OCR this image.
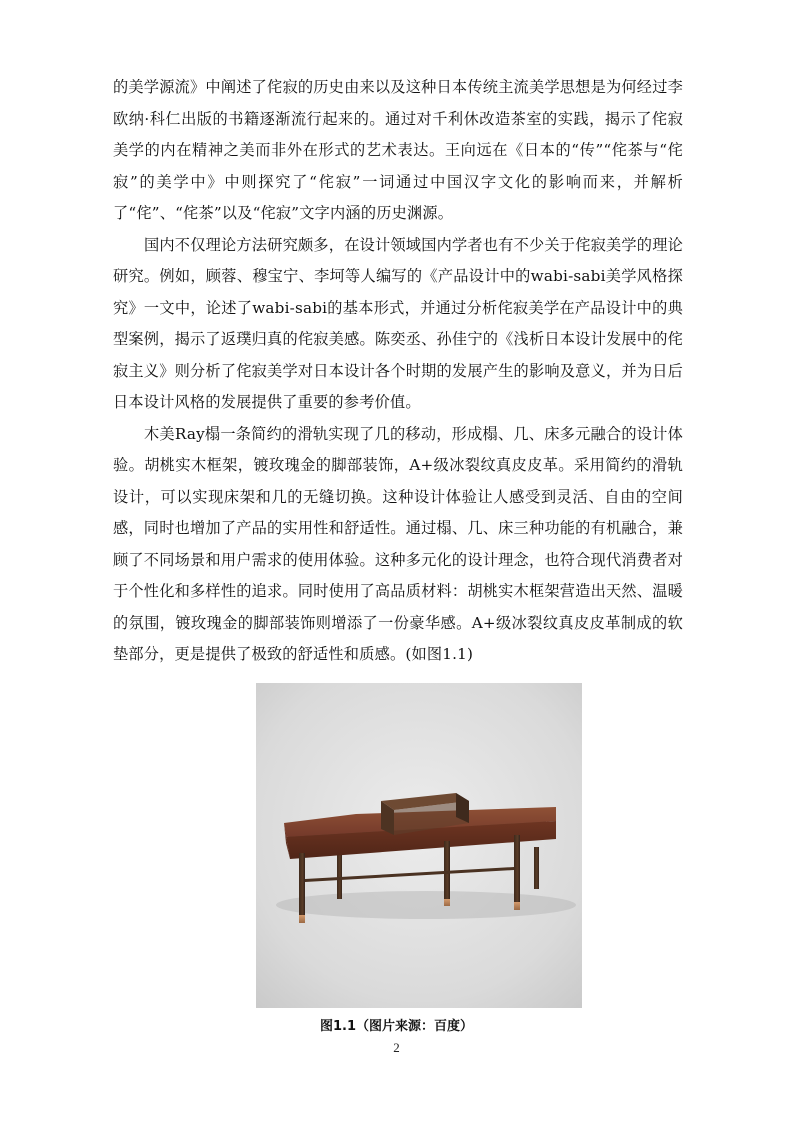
的美学源流》中阐述了侘寂的历史由来以及这种日本传统主流美学思想是为何经过李欧纳·科仁出版的书籍逐渐流行起来的。通过对千利休改造茶室的实践，揭示了侘寂美学的内在精神之美而非外在形式的艺术表达。王向远在《日本的“传”“侘茶与“侘寂”的美学中》中则探究了“侘寂”一词通过中国汉字文化的影响而来，并解析了“侘”、“侘茶”以及“侘寂”文字内涵的历史渊源。

国内不仅理论方法研究颇多，在设计领域国内学者也有不少关于侘寂美学的理论研究。例如，顾蓉、穆宝宁、李坷等人编写的《产品设计中的wabi-sabi美学风格探究》一文中，论述了wabi-sabi的基本形式，并通过分析侘寂美学在产品设计中的典型案例，揭示了返璞归真的侘寂美感。陈奕丞、孙佳宁的《浅析日本设计发展中的侘寂主义》则分析了侘寂美学对日本设计各个时期的发展产生的影响及意义，并为日后日本设计风格的发展提供了重要的参考价值。

木美Ray榻一条简约的滑轨实现了几的移动，形成榻、几、床多元融合的设计体验。胡桃实木框架，镀玫瑰金的脚部装饰，A+级冰裂纹真皮皮革。采用简约的滑轨设计，可以实现床架和几的无缝切换。这种设计体验让人感受到灵活、自由的空间感，同时也增加了产品的实用性和舒适性。通过榻、几、床三种功能的有机融合，兼顾了不同场景和用户需求的使用体验。这种多元化的设计理念，也符合现代消费者对于个性化和多样性的追求。同时使用了高品质材料：胡桃实木框架营造出天然、温暖的氛围，镀玫瑰金的脚部装饰则增添了一份豪华感。A+级冰裂纹真皮皮革制成的软垫部分，更是提供了极致的舒适性和质感。(如图1.1)

图1.1（图片来源：百度）
2
